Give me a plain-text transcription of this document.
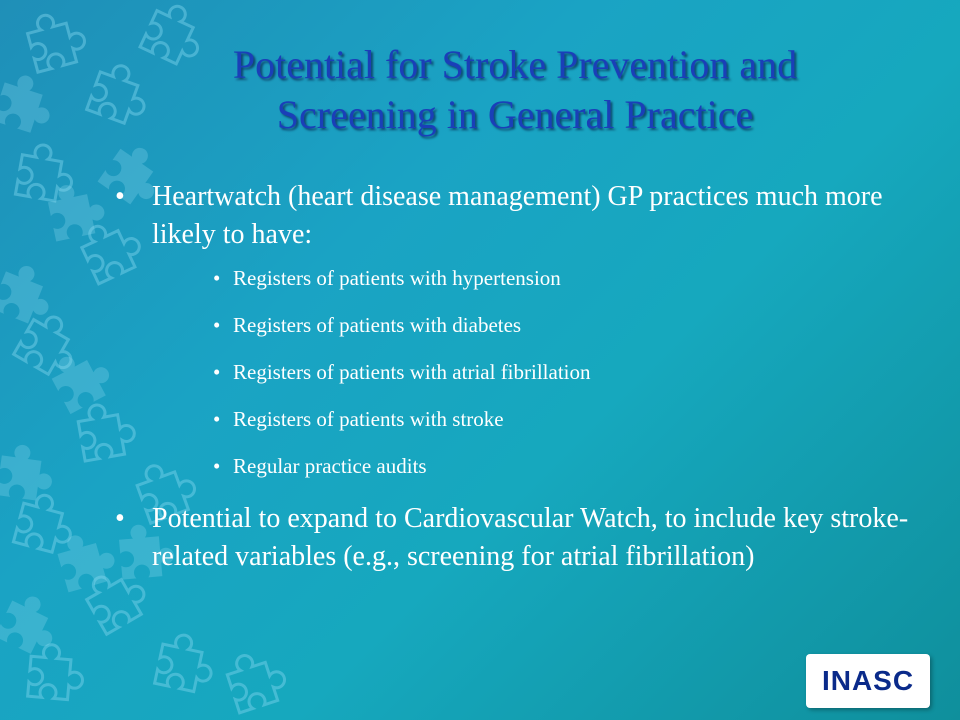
Potential for Stroke Prevention and
Screening in General Practice
• Heartwatch (heart disease management) GP practices much more likely to have:
• Registers of patients with hypertension
• Registers of patients with diabetes
• Registers of patients with atrial fibrillation
• Registers of patients with stroke
• Regular practice audits
• Potential to expand to Cardiovascular Watch, to include key stroke-related variables (e.g., screening for atrial fibrillation)
INASC
